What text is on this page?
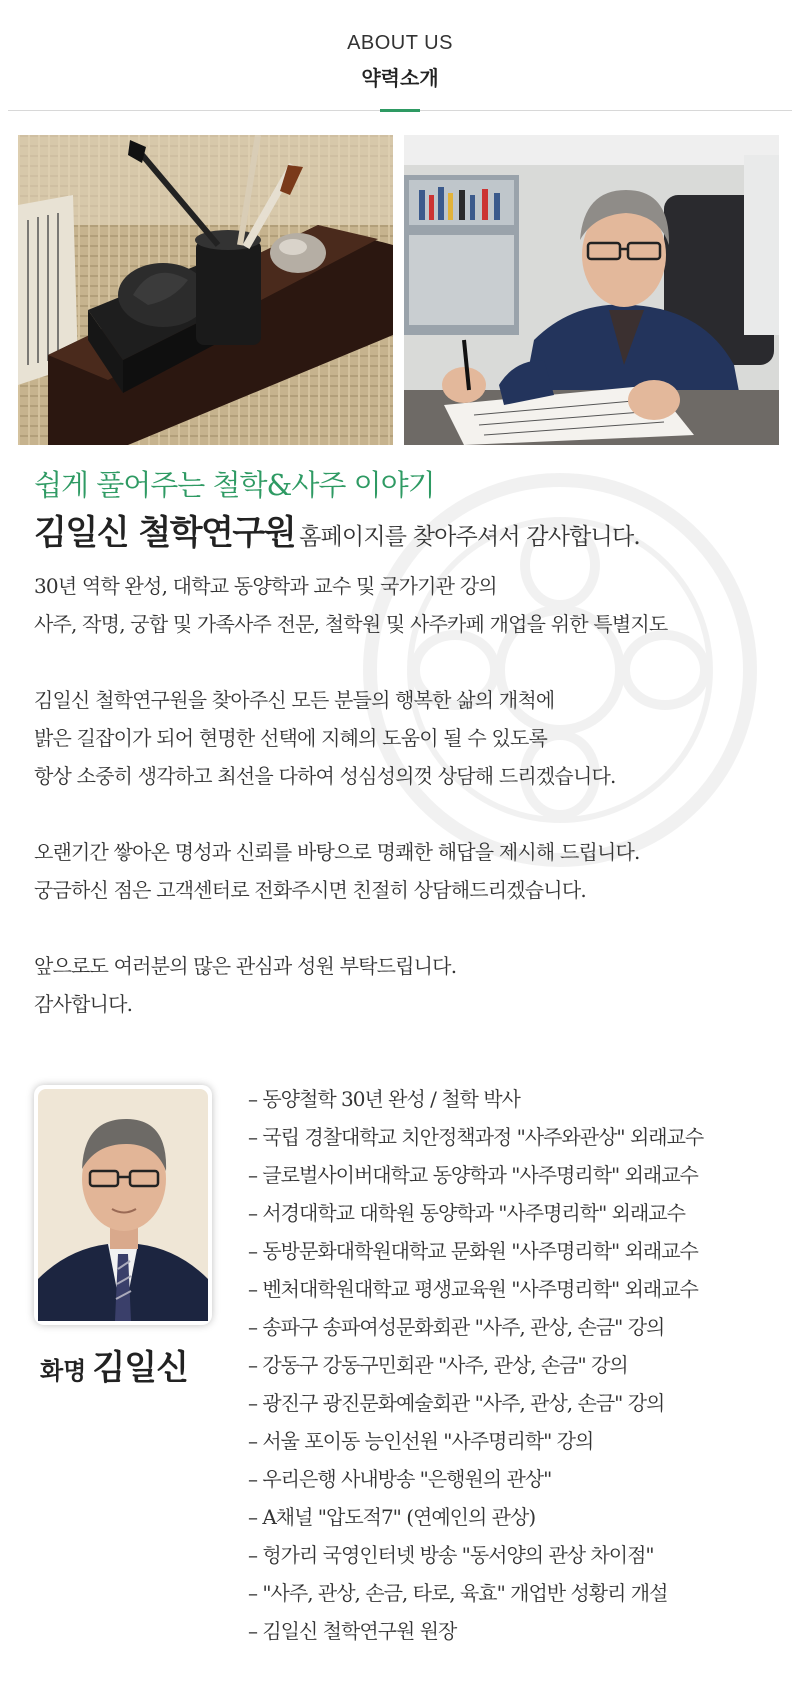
ABOUT US
약력소개
쉽게 풀어주는 철학&사주 이야기
김일신 철학연구원 홈페이지를 찾아주셔서 감사합니다.
30년 역학 완성, 대학교 동양학과 교수 및 국가기관 강의
사주, 작명, 궁합 및 가족사주 전문, 철학원 및 사주카페 개업을 위한 특별지도
김일신 철학연구원을 찾아주신 모든 분들의 행복한 삶의 개척에
밝은 길잡이가 되어 현명한 선택에 지혜의 도움이 될 수 있도록
항상 소중히 생각하고 최선을 다하여 성심성의껏 상담해 드리겠습니다.
오랜기간 쌓아온 명성과 신뢰를 바탕으로 명쾌한 해답을 제시해 드립니다.
궁금하신 점은 고객센터로 전화주시면 친절히 상담해드리겠습니다.
앞으로도 여러분의 많은 관심과 성원 부탁드립니다.
감사합니다.
화명 김일신
– 동양철학 30년 완성 / 철학 박사
– 국립 경찰대학교 치안정책과정 "사주와관상" 외래교수
– 글로벌사이버대학교 동양학과 "사주명리학" 외래교수
– 서경대학교 대학원 동양학과 "사주명리학" 외래교수
– 동방문화대학원대학교 문화원 "사주명리학" 외래교수
– 벤처대학원대학교 평생교육원 "사주명리학" 외래교수
– 송파구 송파여성문화회관 "사주, 관상, 손금" 강의
– 강동구 강동구민회관 "사주, 관상, 손금" 강의
– 광진구 광진문화예술회관 "사주, 관상, 손금" 강의
– 서울 포이동 능인선원 "사주명리학" 강의
– 우리은행 사내방송 "은행원의 관상"
– A채널 "압도적7" (연예인의 관상)
– 헝가리 국영인터넷 방송 "동서양의 관상 차이점"
– "사주, 관상, 손금, 타로, 육효" 개업반 성황리 개설
– 김일신 철학연구원 원장
